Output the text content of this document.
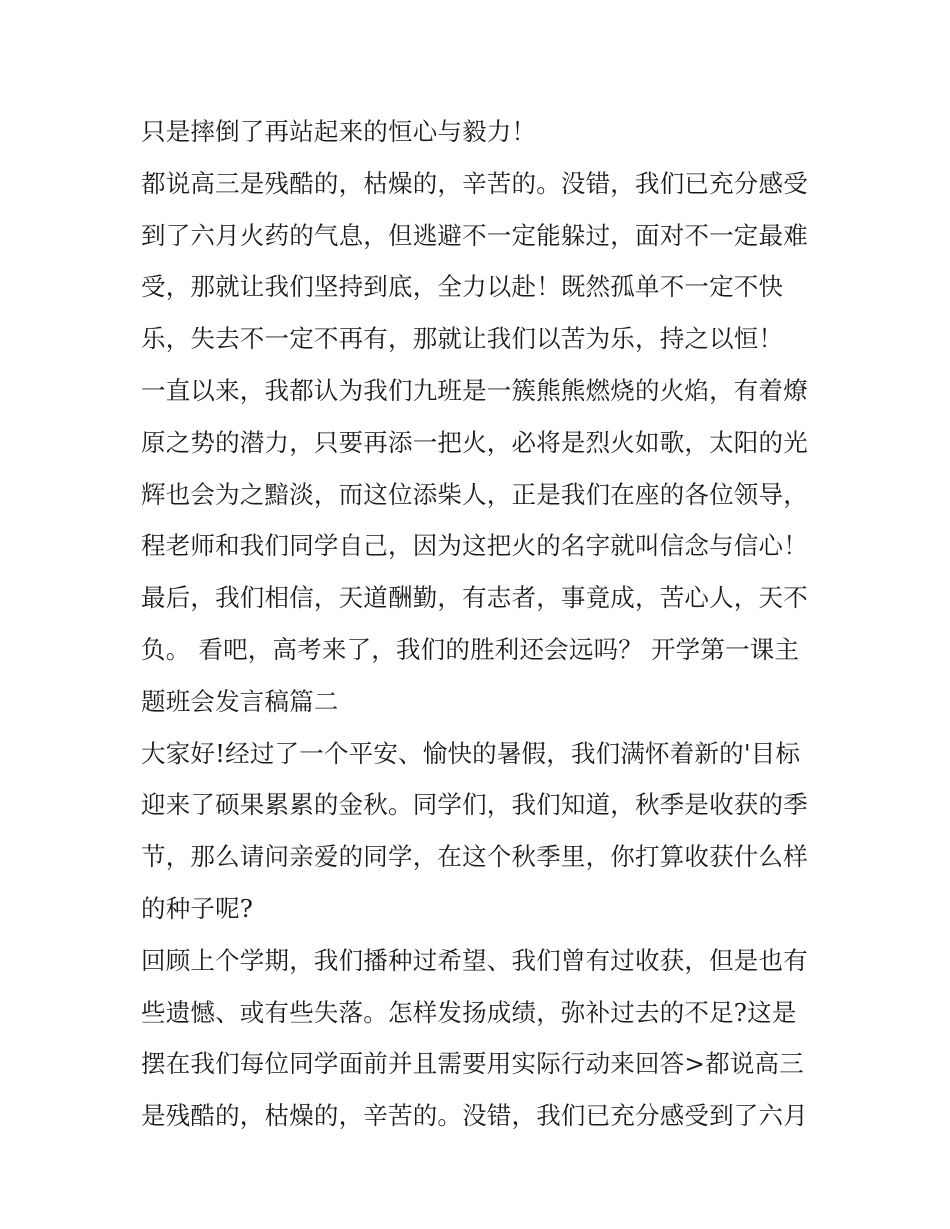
只是摔倒了再站起来的恒心与毅力！
都说高三是残酷的，枯燥的，辛苦的。没错，我们已充分感受
到了六月火药的气息，但逃避不一定能躲过，面对不一定最难
受，那就让我们坚持到底，全力以赴！既然孤单不一定不快
乐，失去不一定不再有，那就让我们以苦为乐，持之以恒！
一直以来，我都认为我们九班是一簇熊熊燃烧的火焰，有着燎
原之势的潜力，只要再添一把火，必将是烈火如歌，太阳的光
辉也会为之黯淡，而这位添柴人，正是我们在座的各位领导，
程老师和我们同学自己，因为这把火的名字就叫信念与信心！
最后，我们相信，天道酬勤，有志者，事竟成，苦心人，天不
负。 看吧，高考来了，我们的胜利还会远吗？ 开学第一课主
题班会发言稿篇二
大家好!经过了一个平安、愉快的暑假，我们满怀着新的'目标
迎来了硕果累累的金秋。同学们，我们知道，秋季是收获的季
节，那么请问亲爱的同学，在这个秋季里，你打算收获什么样
的种子呢?
回顾上个学期，我们播种过希望、我们曾有过收获，但是也有
些遗憾、或有些失落。怎样发扬成绩，弥补过去的不足?这是
摆在我们每位同学面前并且需要用实际行动来回答>都说高三
是残酷的，枯燥的，辛苦的。没错，我们已充分感受到了六月
